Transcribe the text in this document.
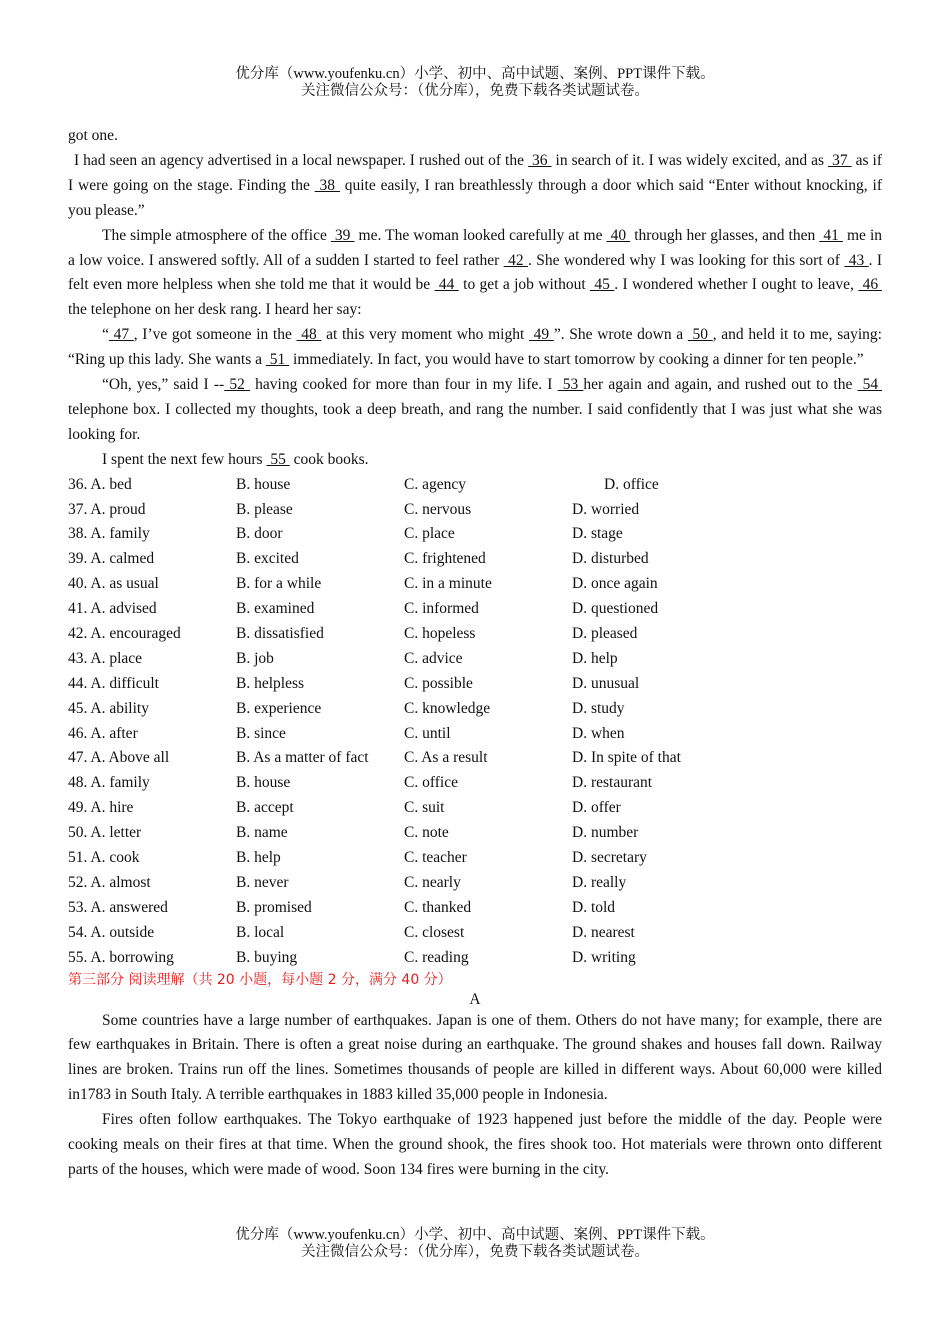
优分库（www.youfenku.cn）小学、初中、高中试题、案例、PPT课件下载。
关注微信公众号：（优分库），免费下载各类试题试卷。

got one.

I had seen an agency advertised in a local newspaper. I rushed out of the  36  in search of it. I was widely excited, and as  37  as if I were going on the stage. Finding the  38  quite easily, I ran breathlessly through a door which said “Enter without knocking, if you please.”

The simple atmosphere of the office  39  me. The woman looked carefully at me  40  through her glasses, and then  41  me in a low voice. I answered softly. All of a sudden I started to feel rather  42 . She wondered why I was looking for this sort of  43 . I felt even more helpless when she told me that it would be  44  to get a job without  45 . I wondered whether I ought to leave,  46  the telephone on her desk rang. I heard her say:

“ 47 , I’ve got someone in the  48  at this very moment who might  49 ”. She wrote down a  50 , and held it to me, saying: “Ring up this lady. She wants a  51  immediately. In fact, you would have to start tomorrow by cooking a dinner for ten people.”

“Oh, yes,” said I -- 52  having cooked for more than four in my life. I  53 her again and again, and rushed out to the  54  telephone box. I collected my thoughts, took a deep breath, and rang the number. I said confidently that I was just what she was looking for.

I spent the next few hours  55  cook books.

36. A. bed	B. house	C. agency	D. office
37. A. proud	B. please	C. nervous	D. worried
38. A. family	B. door	C. place	D. stage
39. A. calmed	B. excited	C. frightened	D. disturbed
40. A. as usual	B. for a while	C. in a minute	D. once again
41. A. advised	B. examined	C. informed	D. questioned
42. A. encouraged	B. dissatisfied	C. hopeless	D. pleased
43. A. place	B. job	C. advice	D. help
44. A. difficult	B. helpless	C. possible	D. unusual
45. A. ability	B. experience	C. knowledge	D. study
46. A. after	B. since	C. until	D. when
47. A. Above all	B. As a matter of fact	C. As a result	D. In spite of that
48. A. family	B. house	C. office	D. restaurant
49. A. hire	B. accept	C. suit	D. offer
50. A. letter	B. name	C. note	D. number
51. A. cook	B. help	C. teacher	D. secretary
52. A. almost	B. never	C. nearly	D. really
53. A. answered	B. promised	C. thanked	D. told
54. A. outside	B. local	C. closest	D. nearest
55. A. borrowing	B. buying	C. reading	D. writing
第三部分 阅读理解（共 20 小题，每小题 2 分，满分 40 分）
A

Some countries have a large number of earthquakes. Japan is one of them. Others do not have many; for example, there are few earthquakes in Britain. There is often a great noise during an earthquake. The ground shakes and houses fall down. Railway lines are broken. Trains run off the lines. Sometimes thousands of people are killed in different ways. About 60,000 were killed in1783 in South Italy. A terrible earthquakes in 1883 killed 35,000 people in Indonesia.

Fires often follow earthquakes. The Tokyo earthquake of 1923 happened just before the middle of the day. People were cooking meals on their fires at that time. When the ground shook, the fires shook too. Hot materials were thrown onto different parts of the houses, which were made of wood. Soon 134 fires were burning in the city.

优分库（www.youfenku.cn）小学、初中、高中试题、案例、PPT课件下载。
关注微信公众号：（优分库），免费下载各类试题试卷。
